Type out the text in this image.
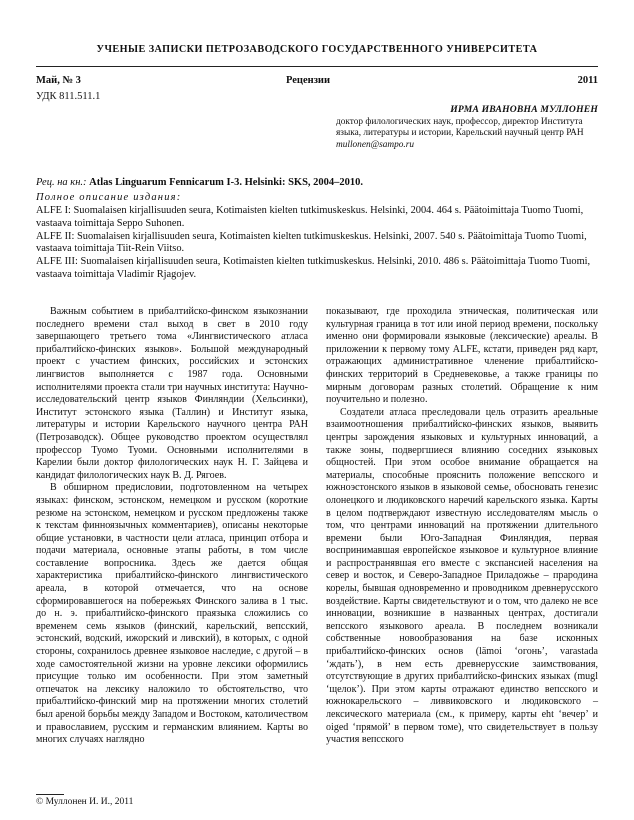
УЧЕНЫЕ ЗАПИСКИ ПЕТРОЗАВОДСКОГО ГОСУДАРСТВЕННОГО УНИВЕРСИТЕТА
Май, № 3	Рецензии	2011
УДК 811.511.1
ИРМА ИВАНОВНА МУЛЛОНЕН
доктор филологических наук, профессор, директор Института языка, литературы и истории, Карельский научный центр РАН
mullonen@sampo.ru
Рец. на кн.: Atlas Linguarum Fennicarum I-3. Helsinki: SKS, 2004–2010.
Полное описание издания:

ALFE I: Suomalaisen kirjallisuuden seura, Kotimaisten kielten tutkimuskeskus. Helsinki, 2004. 464 s. Päätoimittaja Tuomo Tuomi, vastaava toimittaja Seppo Suhonen.

ALFE II: Suomalaisen kirjallisuuden seura, Kotimaisten kielten tutkimuskeskus. Helsinki, 2007. 540 s. Päätoimittaja Tuomo Tuomi, vastaava toimittaja Tiit-Rein Viitso.

ALFE III: Suomalaisen kirjallisuuden seura, Kotimaisten kielten tutkimuskeskus. Helsinki, 2010. 486 s. Päätoimittaja Tuomo Tuomi, vastaava toimittaja Vladimir Rjagojev.

Важным событием в прибалтийско-финском языкознании последнего времени стал выход в свет в 2010 году завершающего третьего тома «Лингвистического атласа прибалтийско-финских языков». Большой международный проект с участием финских, российских и эстонских лингвистов выполняется с 1987 года. Основными исполнителями проекта стали три научных института: Научно-исследовательский центр языков Финляндии (Хельсинки), Институт эстонского языка (Таллин) и Институт языка, литературы и истории Карельского научного центра РАН (Петрозаводск). Общее руководство проектом осуществлял профессор Туомо Туоми. Основными исполнителями в Карелии были доктор филологических наук Н. Г. Зайцева и кандидат филологических наук В. Д. Рягоев.

В обширном предисловии, подготовленном на четырех языках: финском, эстонском, немецком и русском (короткие резюме на эстонском, немецком и русском предложены также к текстам финноязычных комментариев), описаны некоторые общие установки, в частности цели атласа, принцип отбора и подачи материала, основные этапы работы, в том числе составление вопросника. Здесь же дается общая характеристика прибалтийско-финского лингвистического ареала, в которой отмечается, что на основе сформировавшегося на побережьях Финского залива в 1 тыс. до н. э. прибалтийско-финского праязыка сложились со временем семь языков (финский, карельский, вепсский, эстонский, водский, ижорский и ливский), в которых, с одной стороны, сохранилось древнее языковое наследие, с другой – в ходе самостоятельной жизни на уровне лексики оформились присущие только им особенности. При этом заметный отпечаток на лексику наложило то обстоятельство, что прибалтийско-финский мир на протяжении многих столетий был ареной борьбы между Западом и Востоком, католичеством и православием, русским и германским влиянием. Карты во многих случаях наглядно

показывают, где проходила этническая, политическая или культурная граница в тот или иной период времени, поскольку именно они формировали языковые (лексические) ареалы. В приложении к первому тому ALFE, кстати, приведен ряд карт, отражающих административное членение прибалтийско-финских территорий в Средневековье, а также границы по мирным договорам разных столетий. Обращение к ним поучительно и полезно.

Создатели атласа преследовали цель отразить ареальные взаимоотношения прибалтийско-финских языков, выявить центры зарождения языковых и культурных инноваций, а также зоны, подвергшиеся влиянию соседних языковых общностей. При этом особое внимание обращается на материалы, способные прояснить положение вепсского и южноэстонского языков в языковой семье, обосновать генезис олонецкого и людиковского наречий карельского языка. Карты в целом подтверждают известную исследователям мысль о том, что центрами инноваций на протяжении длительного времени были Юго-Западная Финляндия, первая воспринимавшая европейское языковое и культурное влияние и распространявшая его вместе с экспансией населения на север и восток, и Северо-Западное Приладожье – прародина корелы, бывшая одновременно и проводником древнерусского воздействие. Карты свидетельствуют и о том, что далеко не все инновации, возникшие в названных центрах, достигали вепсского языкового ареала. В последнем возникали собственные новообразования на базе исконных прибалтийско-финских основ (lämoi ‘огонь’, varastada ‘ждать’), в нем есть древнерусские заимствования, отсутствующие в других прибалтийско-финских языках (mugl ‘щелок’). При этом карты отражают единство вепсского и южнокарельского – ливвиковского и людиковского – лексического материала (см., к примеру, карты eht ‘вечер’ и oiged ‘прямой’ в первом томе), что свидетельствует в пользу участия вепсского

© Муллонен И. И., 2011
